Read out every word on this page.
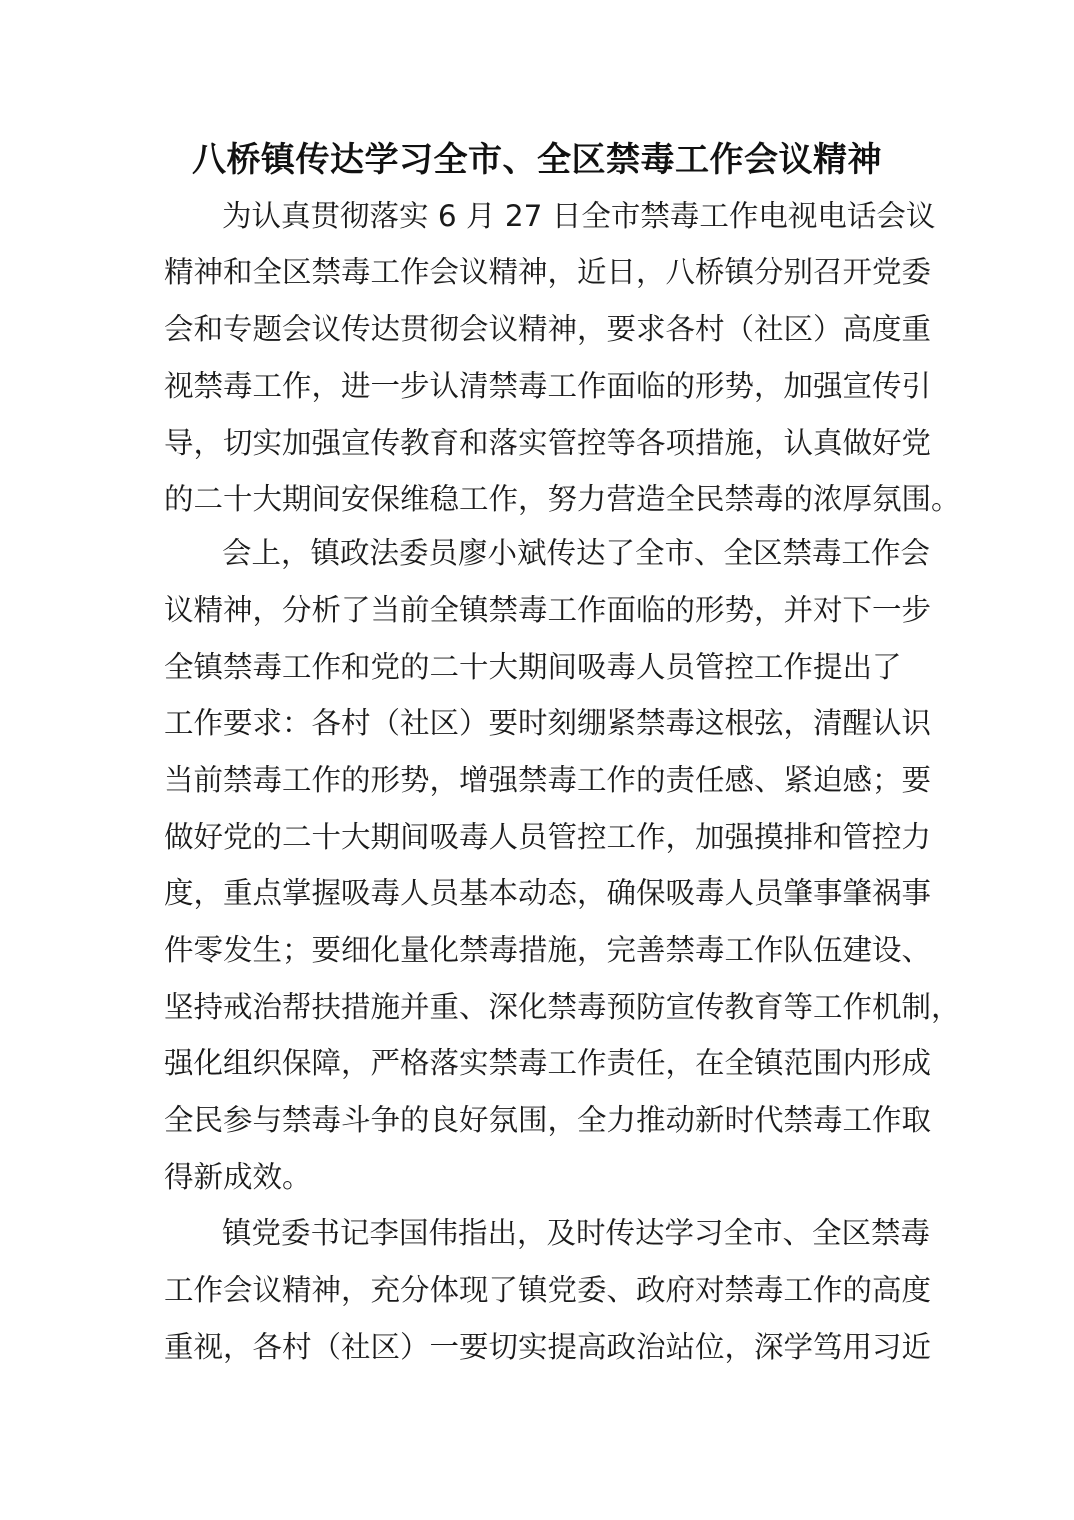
八桥镇传达学习全市、全区禁毒工作会议精神

为认真贯彻落实 6 月 27 日全市禁毒工作电视电话会议

精神和全区禁毒工作会议精神，近日，八桥镇分别召开党委

会和专题会议传达贯彻会议精神，要求各村（社区）高度重

视禁毒工作，进一步认清禁毒工作面临的形势，加强宣传引

导，切实加强宣传教育和落实管控等各项措施，认真做好党

的二十大期间安保维稳工作，努力营造全民禁毒的浓厚氛围。

会上，镇政法委员廖小斌传达了全市、全区禁毒工作会

议精神，分析了当前全镇禁毒工作面临的形势，并对下一步

全镇禁毒工作和党的二十大期间吸毒人员管控工作提出了

工作要求：各村（社区）要时刻绷紧禁毒这根弦，清醒认识

当前禁毒工作的形势，增强禁毒工作的责任感、紧迫感；要

做好党的二十大期间吸毒人员管控工作，加强摸排和管控力

度，重点掌握吸毒人员基本动态，确保吸毒人员肇事肇祸事

件零发生；要细化量化禁毒措施，完善禁毒工作队伍建设、

坚持戒治帮扶措施并重、深化禁毒预防宣传教育等工作机制，

强化组织保障，严格落实禁毒工作责任，在全镇范围内形成

全民参与禁毒斗争的良好氛围，全力推动新时代禁毒工作取

得新成效。

镇党委书记李国伟指出，及时传达学习全市、全区禁毒

工作会议精神，充分体现了镇党委、政府对禁毒工作的高度

重视，各村（社区）一要切实提高政治站位，深学笃用习近
